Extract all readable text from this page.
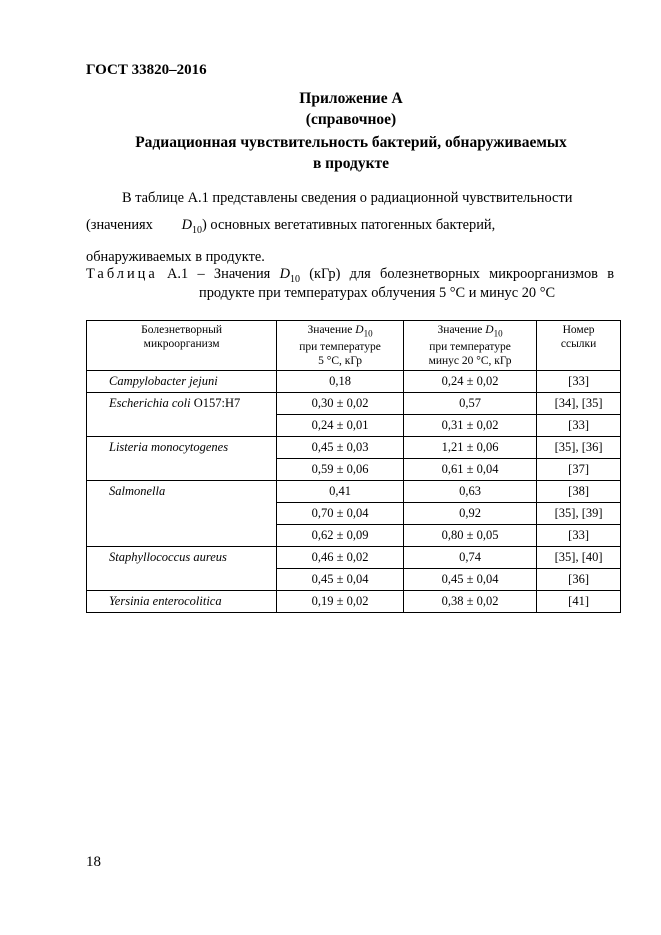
ГОСТ 33820–2016
Приложение А
(справочное)
Радиационная чувствительность бактерий, обнаруживаемых
в продукте

В таблице А.1 представлены сведения о радиационной чувствительности

(значениях $D_{10}$) основных вегетативных патогенных бактерий,

обнаруживаемых в продукте.

Таблица А.1 – Значения $D_{10}$ (кГр) для болезнетворных микроорганизмов в
продукте при температурах облучения 5 °С и минус 20 °С
Болезнетворный
микроорганизм	Значение $D_{10}$
при температуре
5 °С, кГр	Значение $D_{10}$
при температуре
минус 20 °С, кГр	Номер
ссылки
Campylobacter jejuni	0,18	0,24 ± 0,02	[33]
Escherichia coli O157:H7	0,30 ± 0,02	0,57	[34], [35]
	0,24 ± 0,01	0,31 ± 0,02	[33]
Listeria monocytogenes	0,45 ± 0,03	1,21 ± 0,06	[35], [36]
	0,59 ± 0,06	0,61 ± 0,04	[37]
Salmonella	0,41	0,63	[38]
	0,70 ± 0,04	0,92	[35], [39]
	0,62 ± 0,09	0,80 ± 0,05	[33]
Staphyllococcus aureus	0,46 ± 0,02	0,74	[35], [40]
	0,45 ± 0,04	0,45 ± 0,04	[36]
Yersinia enterocolitica	0,19 ± 0,02	0,38 ± 0,02	[41]
18
